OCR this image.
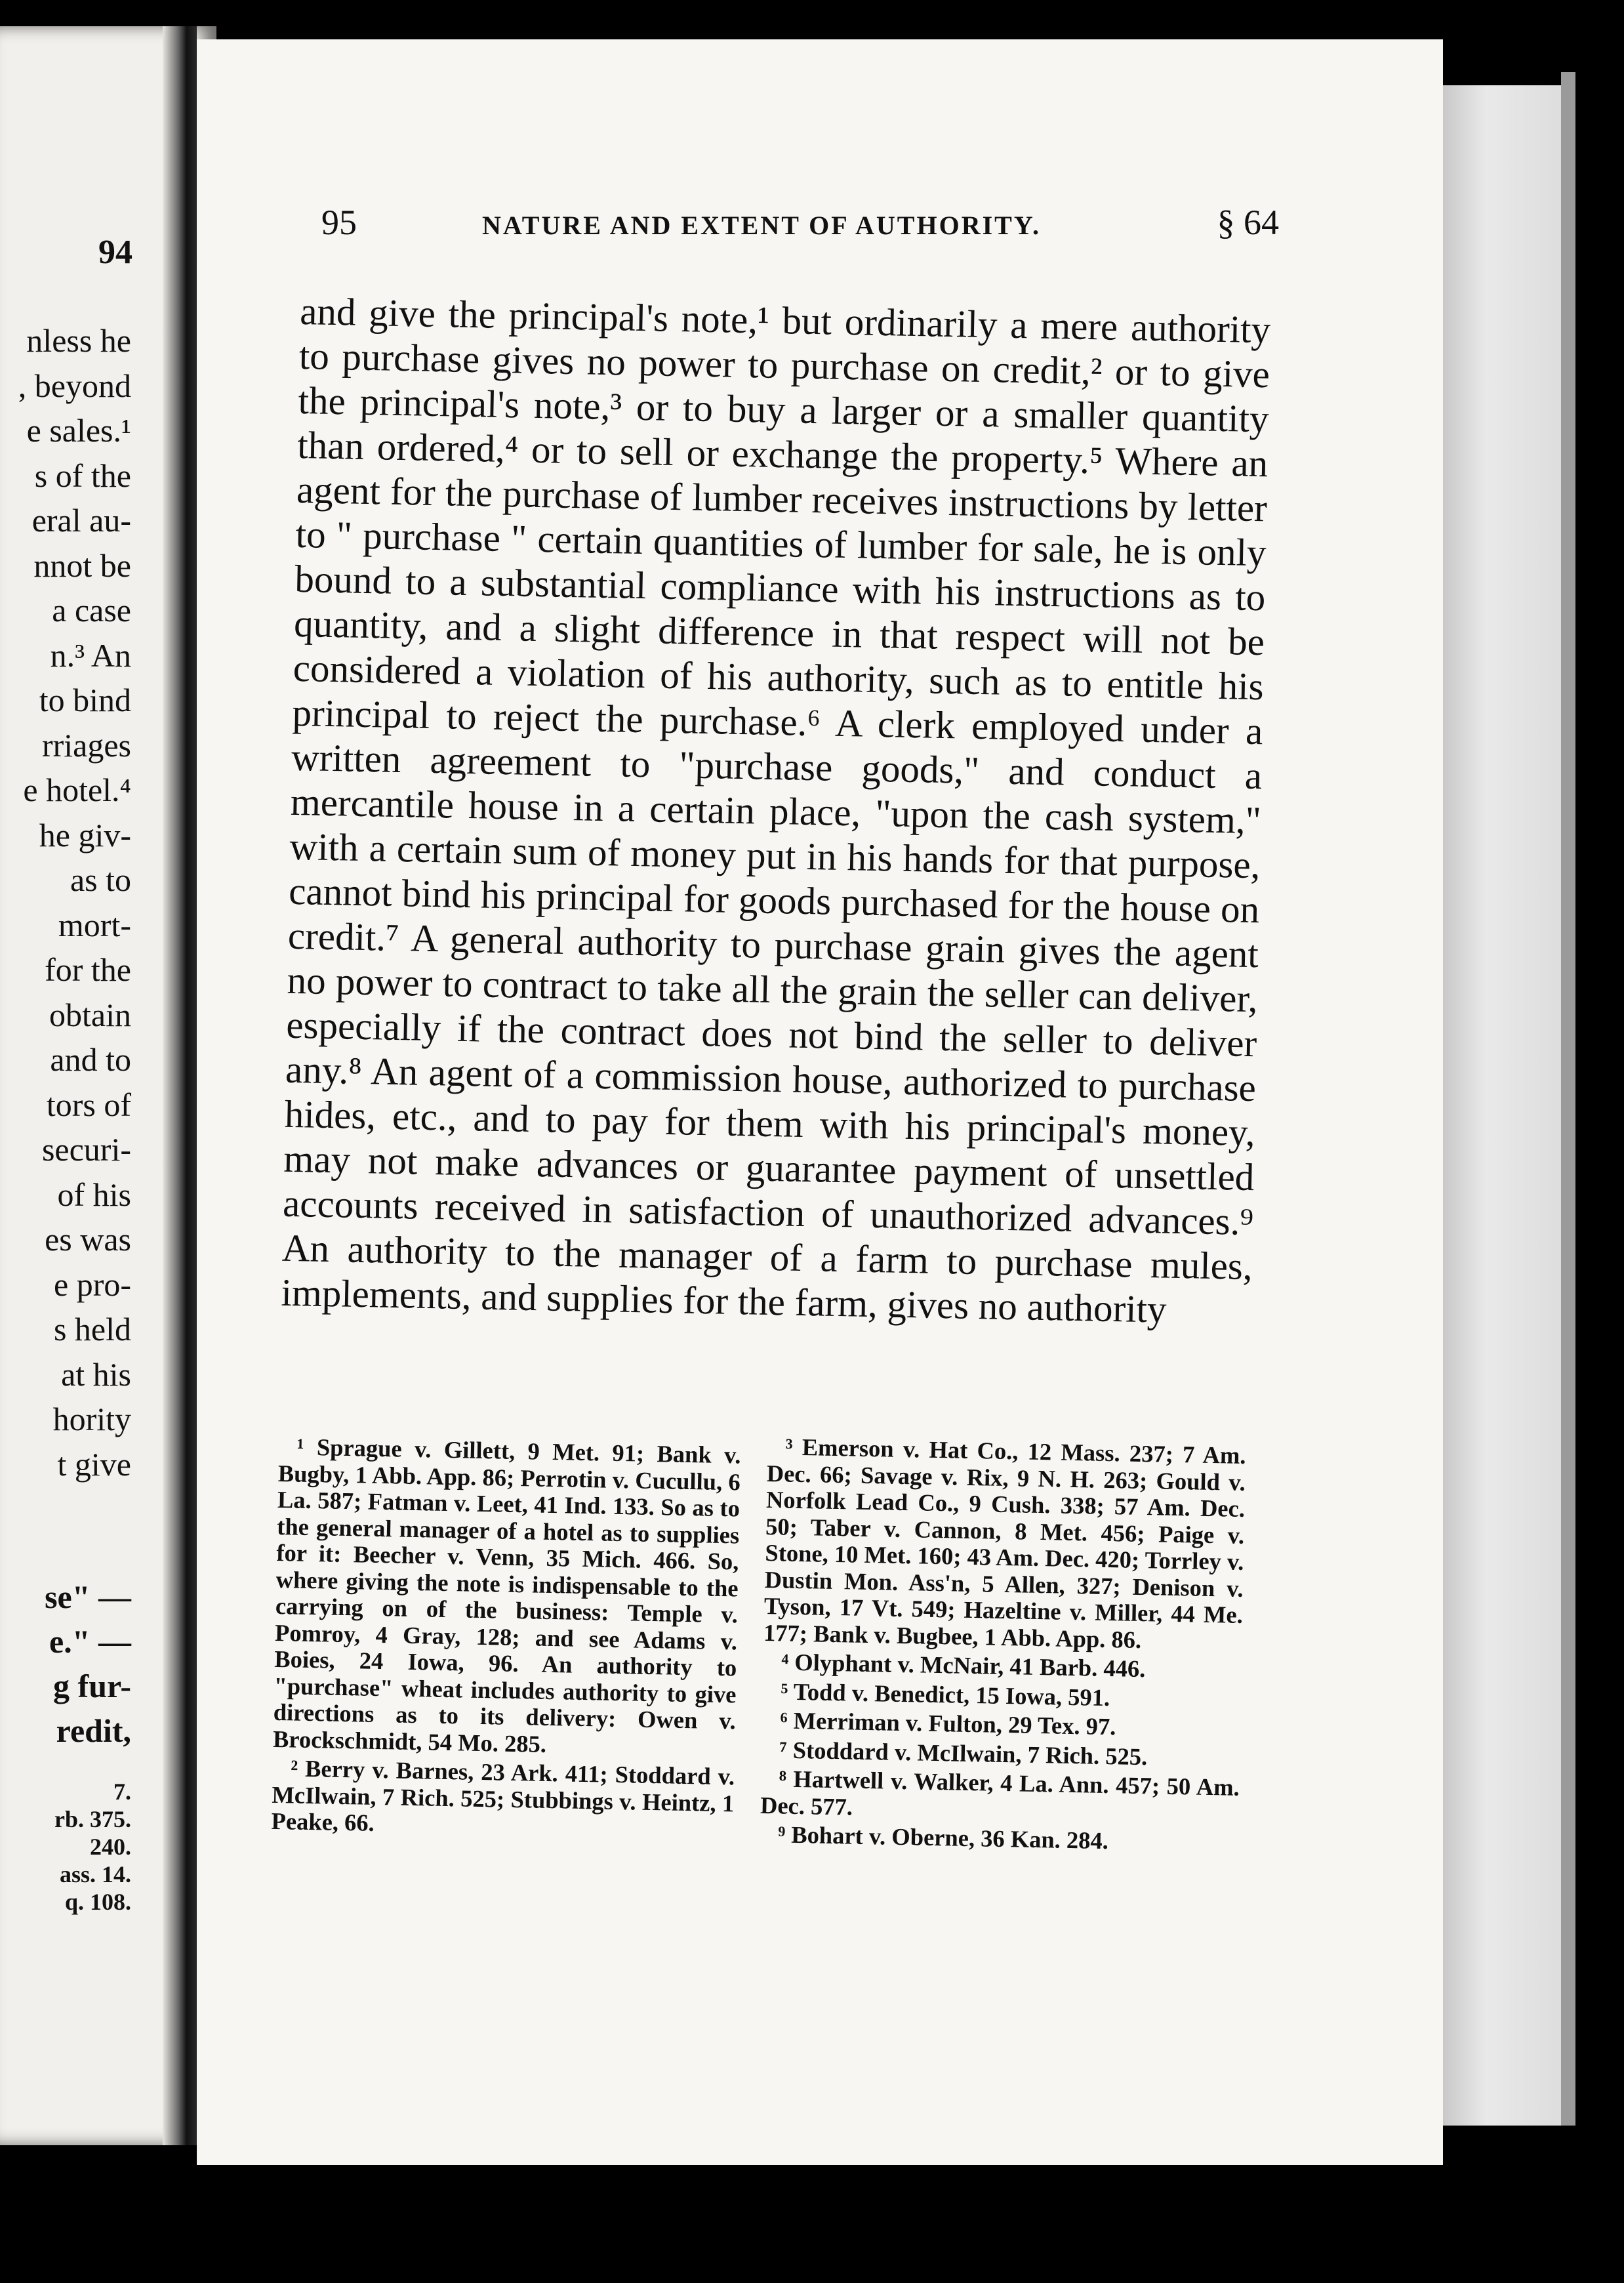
94
nless he
, beyond
e sales.¹
s of the
eral au-
nnot be
a case
n.³ An
to bind
rriages
e hotel.⁴
he giv-
as to
mort-
for the
obtain
and to
tors of
securi-
of his
es was
e pro-
s held
at his
hority
t give
se" —
e." —
g fur-
redit,
7.
rb. 375.
240.
ass. 14.
q. 108.
95	NATURE AND EXTENT OF AUTHORITY.	§ 64

and give the principal's note,¹ but ordinarily a mere authority to purchase gives no power to purchase on credit,² or to give the principal's note,³ or to buy a larger or a smaller quantity than ordered,⁴ or to sell or exchange the property.⁵ Where an agent for the purchase of lumber receives instructions by letter to " purchase " certain quantities of lumber for sale, he is only bound to a substantial compliance with his instructions as to quantity, and a slight difference in that respect will not be considered a violation of his authority, such as to entitle his principal to reject the purchase.⁶ A clerk employed under a written agreement to "purchase goods," and conduct a mercantile house in a certain place, "upon the cash system," with a certain sum of money put in his hands for that purpose, cannot bind his principal for goods purchased for the house on credit.⁷ A general authority to purchase grain gives the agent no power to contract to take all the grain the seller can deliver, especially if the contract does not bind the seller to deliver any.⁸ An agent of a commission house, authorized to purchase hides, etc., and to pay for them with his principal's money, may not make advances or guarantee payment of unsettled accounts received in satisfaction of unauthorized advances.⁹ An authority to the manager of a farm to purchase mules, implements, and supplies for the farm, gives no authority

¹ Sprague v. Gillett, 9 Met. 91; Bank v. Bugby, 1 Abb. App. 86; Perrotin v. Cucullu, 6 La. 587; Fatman v. Leet, 41 Ind. 133. So as to the general manager of a hotel as to supplies for it: Beecher v. Venn, 35 Mich. 466. So, where giving the note is indispensable to the carrying on of the business: Temple v. Pomroy, 4 Gray, 128; and see Adams v. Boies, 24 Iowa, 96. An authority to "purchase" wheat includes authority to give directions as to its delivery: Owen v. Brockschmidt, 54 Mo. 285.

² Berry v. Barnes, 23 Ark. 411; Stoddard v. McIlwain, 7 Rich. 525; Stubbings v. Heintz, 1 Peake, 66.

³ Emerson v. Hat Co., 12 Mass. 237; 7 Am. Dec. 66; Savage v. Rix, 9 N. H. 263; Gould v. Norfolk Lead Co., 9 Cush. 338; 57 Am. Dec. 50; Taber v. Cannon, 8 Met. 456; Paige v. Stone, 10 Met. 160; 43 Am. Dec. 420; Torrley v. Dustin Mon. Ass'n, 5 Allen, 327; Denison v. Tyson, 17 Vt. 549; Hazeltine v. Miller, 44 Me. 177; Bank v. Bugbee, 1 Abb. App. 86.

⁴ Olyphant v. McNair, 41 Barb. 446.

⁵ Todd v. Benedict, 15 Iowa, 591.

⁶ Merriman v. Fulton, 29 Tex. 97.

⁷ Stoddard v. McIlwain, 7 Rich. 525.

⁸ Hartwell v. Walker, 4 La. Ann. 457; 50 Am. Dec. 577.

⁹ Bohart v. Oberne, 36 Kan. 284.
